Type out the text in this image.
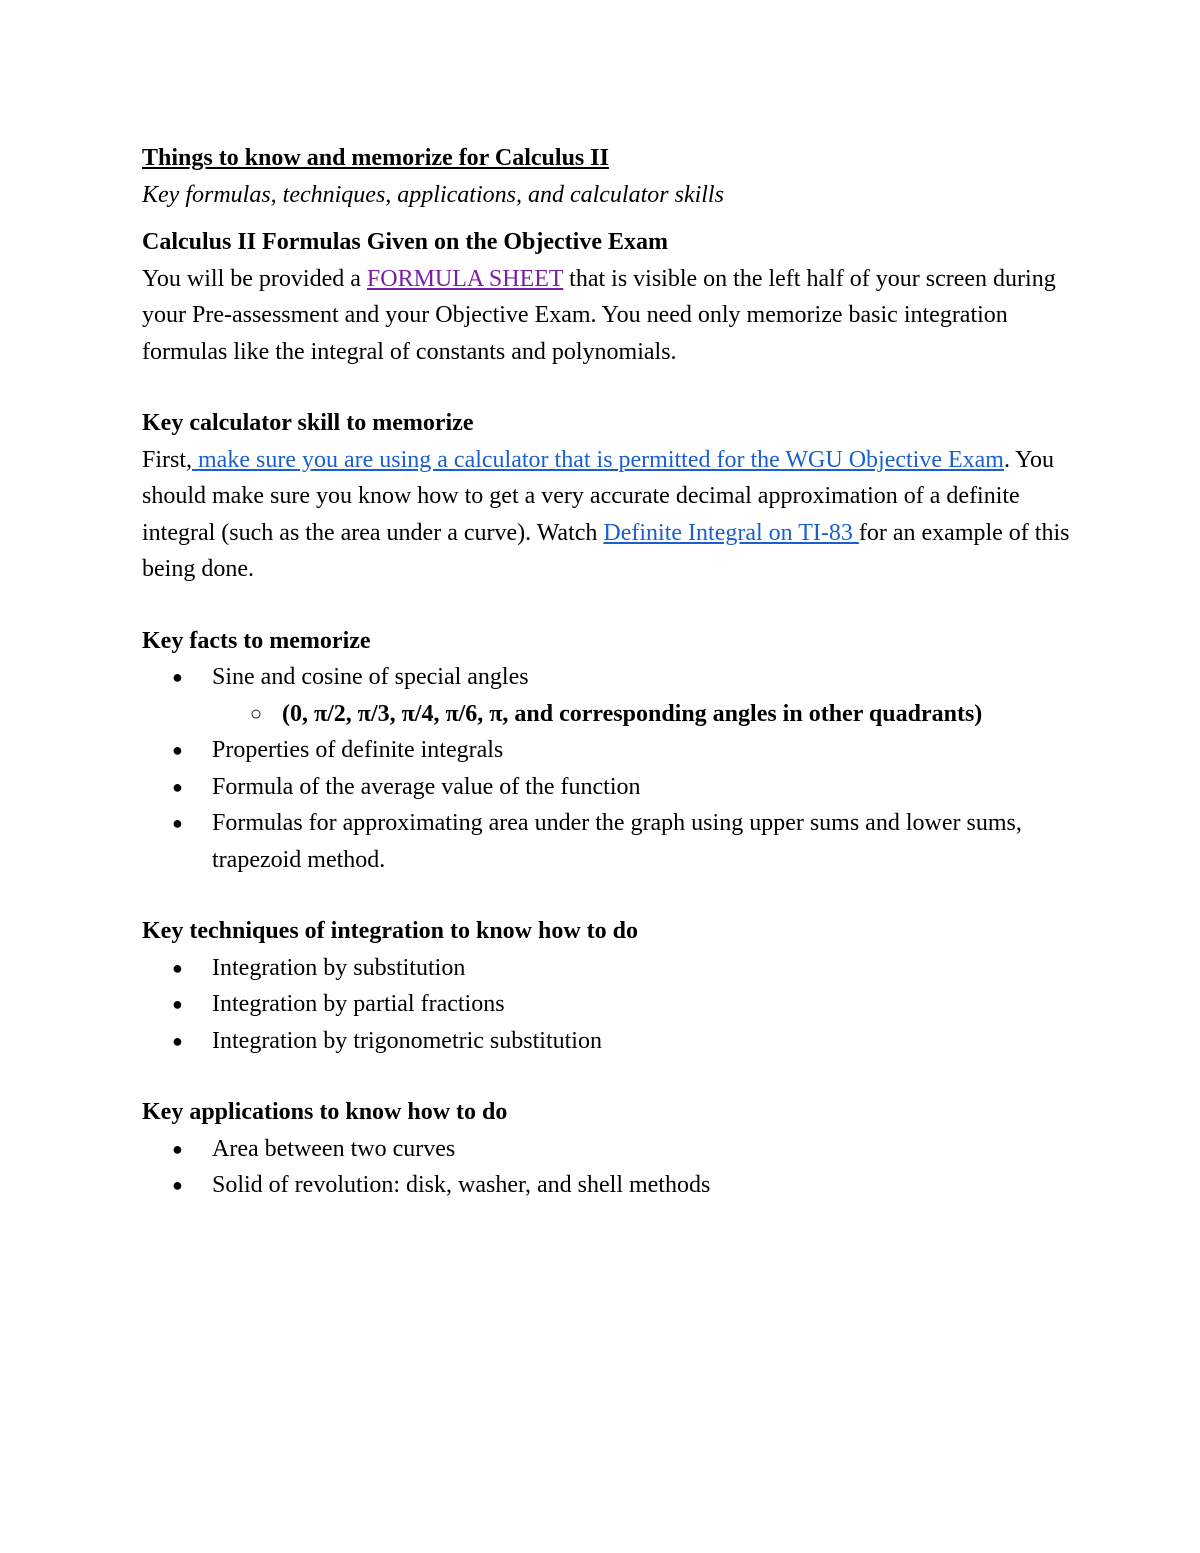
Things to know and memorize for Calculus II

Key formulas, techniques, applications, and calculator skills

Calculus II Formulas Given on the Objective Exam

You will be provided a FORMULA SHEET that is visible on the left half of your screen during your Pre-assessment and your Objective Exam. You need only memorize basic integration formulas like the integral of constants and polynomials.

Key calculator skill to memorize

First, make sure you are using a calculator that is permitted for the WGU Objective Exam. You should make sure you know how to get a very accurate decimal approximation of a definite integral (such as the area under a curve). Watch Definite Integral on TI-83 for an example of this being done.

Key facts to memorize

● Sine and cosine of special angles
○ (0, π/2, π/3, π/4, π/6, π, and corresponding angles in other quadrants)
● Properties of definite integrals
● Formula of the average value of the function
● Formulas for approximating area under the graph using upper sums and lower sums, trapezoid method.

Key techniques of integration to know how to do

● Integration by substitution
● Integration by partial fractions
● Integration by trigonometric substitution

Key applications to know how to do

● Area between two curves
● Solid of revolution: disk, washer, and shell methods
